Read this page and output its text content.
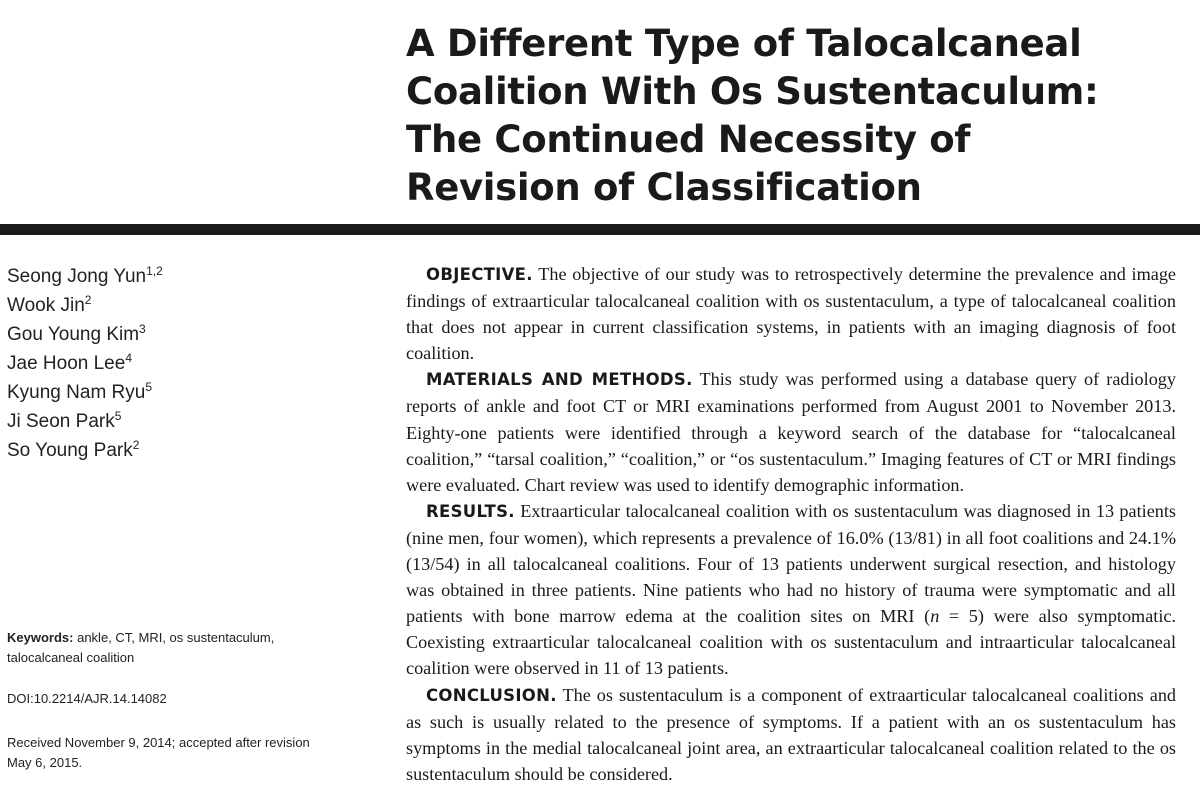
A Different Type of Talocalcaneal
Coalition With Os Sustentaculum:
The Continued Necessity of
Revision of Classification
Seong Jong Yun$^{1,2}$
Wook Jin$^2$
Gou Young Kim$^3$
Jae Hoon Lee$^4$
Kyung Nam Ryu$^5$
Ji Seon Park$^5$
So Young Park$^2$
Keywords: ankle, CT, MRI, os sustentaculum,
talocalcaneal coalition
DOI:10.2214/AJR.14.14082
Received November 9, 2014; accepted after revision
May 6, 2015.

OBJECTIVE. The objective of our study was to retrospectively determine the prevalence and image findings of extraarticular talocalcaneal coalition with os sustentaculum, a type of talocalcaneal coalition that does not appear in current classification systems, in patients with an imaging diagnosis of foot coalition.

MATERIALS AND METHODS. This study was performed using a database query of radiology reports of ankle and foot CT or MRI examinations performed from August 2001 to November 2013. Eighty-one patients were identified through a keyword search of the database for “talocalcaneal coalition,” “tarsal coalition,” “coalition,” or “os sustentaculum.” Imaging features of CT or MRI findings were evaluated. Chart review was used to identify demographic information.

RESULTS. Extraarticular talocalcaneal coalition with os sustentaculum was diagnosed in 13 patients (nine men, four women), which represents a prevalence of 16.0% (13/81) in all foot coalitions and 24.1% (13/54) in all talocalcaneal coalitions. Four of 13 patients underwent surgical resection, and histology was obtained in three patients. Nine patients who had no history of trauma were symptomatic and all patients with bone marrow edema at the coalition sites on MRI (n = 5) were also symptomatic. Coexisting extraarticular talocalcaneal coalition with os sustentaculum and intraarticular talocalcaneal coalition were observed in 11 of 13 patients.

CONCLUSION. The os sustentaculum is a component of extraarticular talocalcaneal coalitions and as such is usually related to the presence of symptoms. If a patient with an os sustentaculum has symptoms in the medial talocalcaneal joint area, an extraarticular talocalcaneal coalition related to the os sustentaculum should be considered.
